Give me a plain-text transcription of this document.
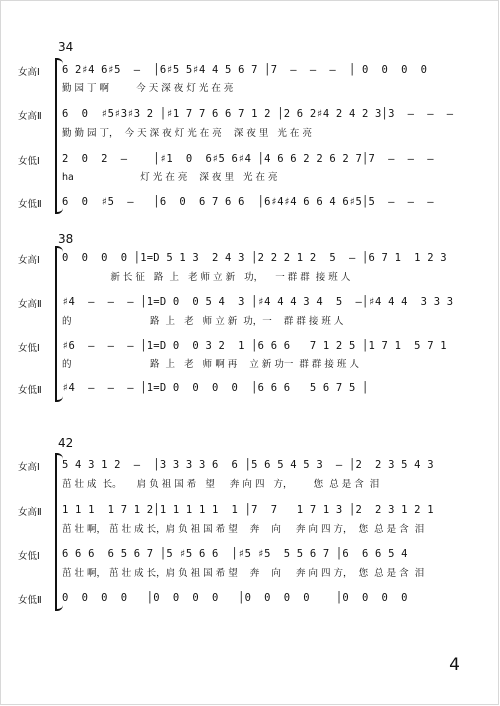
34
女高Ⅰ 6 2♯4 6♯5  –  │6♯5 5♯4 4 5 6 7 │7  –  –  –  │ 0  0  0  0
勤 园 丁 啊         今 天 深 夜 灯 光 在 亮
女高Ⅱ 6  0  ♯5♯3♯3 2 │♯1 7 7 6 6 7 1 2 │2 6 2♯4 2 4 2 3│3  –  –  –
勤 勤 园 丁，  今 天 深 夜 灯 光 在 亮    深 夜 里   光 在 亮
女低Ⅰ 2  0  2  –    │♯1  0  6♯5 6♯4 │4 6 6 2 2 6 2 7│7  –  –  –
ha                      灯 光 在 亮    深 夜 里   光 在 亮
女低Ⅱ 6  0  ♯5  –   │6  0  6 7 6 6  │6♯4♯4 6 6 4 6♯5│5  –  –  –
38
女高Ⅰ 0  0  0  0 │1=D 5 1 3  2 4 3 │2 2 2 1 2  5  – │6 7 1  1 2 3
新 长 征   路  上   老 师 立 新   功，    一 群 群  接 班 人
女高Ⅱ ♯4  –  –  – │1=D 0  0 5 4  3 │♯4 4 4 3 4  5  –│♯4 4 4  3 3 3
的                          路  上   老   师 立 新  功，一    群 群 接 班 人
女低Ⅰ ♯6  –  –  – │1=D 0  0 3 2  1 │6 6 6   7 1 2 5 │1 7 1  5 7 1
的                          路  上   老   师 啊 再    立 新 功一  群 群 接 班 人
女低Ⅱ ♯4  –  –  – │1=D 0  0  0  0  │6 6 6   5 6 7 5 │
42
女高Ⅰ 5 4 3 1 2  –  │3 3 3 3 6  6 │5 6 5 4 5 3  – │2  2 3 5 4 3
茁 壮 成  长。     肩 负 祖 国 希   望     奔 向 四   方，       您  总 是 含  泪
女高Ⅱ 1 1 1  1 7 1 2│1 1 1 1 1  1 │7  7   1 7 1 3 │2  2 3 1 2 1
茁 壮 啊， 茁 壮 成 长，肩 负 祖 国 希 望    奔    向     奔 向 四 方，  您  总 是 含  泪
女低Ⅰ 6 6 6  6 5 6 7 │5 ♯5 6 6  │♯5 ♯5  5 5 6 7 │6  6 6 5 4
茁 壮 啊， 茁 壮 成 长，肩 负 祖 国 希 望    奔    向     奔 向 四 方，  您  总 是 含  泪
女低Ⅱ 0  0  0  0   │0  0  0  0   │0  0  0  0    │0  0  0  0
4
